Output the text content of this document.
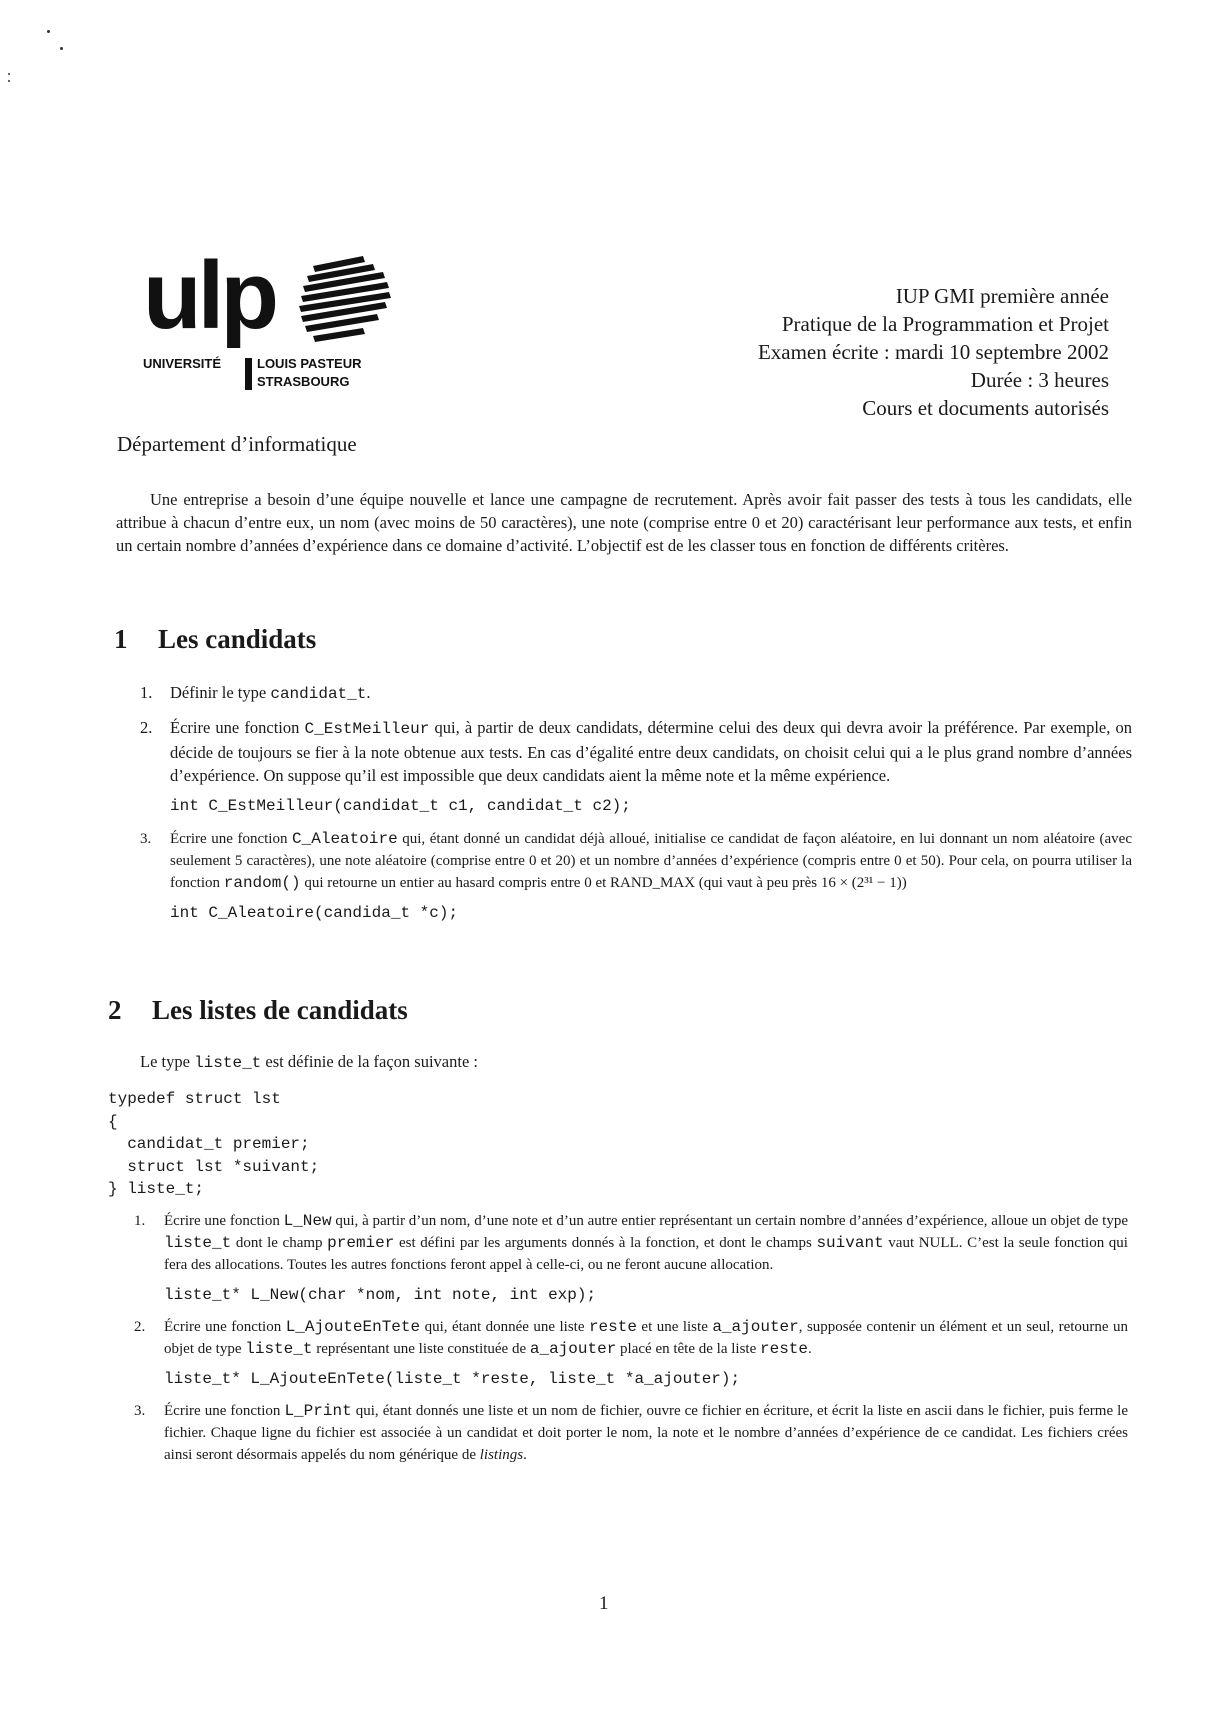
ulp
UNIVERSITÉ	LOUIS PASTEUR
STRASBOURG
Département d’informatique
IUP GMI première année
Pratique de la Programmation et Projet
Examen écrite : mardi 10 septembre 2002
Durée : 3 heures
Cours et documents autorisés

Une entreprise a besoin d’une équipe nouvelle et lance une campagne de recrutement. Après avoir fait passer des tests à tous les candidats, elle attribue à chacun d’entre eux, un nom (avec moins de 50 caractères), une note (comprise entre 0 et 20) caractérisant leur performance aux tests, et enfin un certain nombre d’années d’expérience dans ce domaine d’activité. L’objectif est de les classer tous en fonction de différents critères.

1 Les candidats
1. Définir le type candidat_t.
2. Écrire une fonction C_EstMeilleur qui, à partir de deux candidats, détermine celui des deux qui devra avoir la préférence. Par exemple, on décide de toujours se fier à la note obtenue aux tests. En cas d’égalité entre deux candidats, on choisit celui qui a le plus grand nombre d’années d’expérience. On suppose qu’il est impossible que deux candidats aient la même note et la même expérience.
int C_EstMeilleur(candidat_t c1, candidat_t c2);
3. Écrire une fonction C_Aleatoire qui, étant donné un candidat déjà alloué, initialise ce candidat de façon aléatoire, en lui donnant un nom aléatoire (avec seulement 5 caractères), une note aléatoire (comprise entre 0 et 20) et un nombre d’années d’expérience (compris entre 0 et 50). Pour cela, on pourra utiliser la fonction random() qui retourne un entier au hasard compris entre 0 et RAND_MAX (qui vaut à peu près 16 × (2³¹ − 1))
int C_Aleatoire(candida_t *c);
2 Les listes de candidats
Le type liste_t est définie de la façon suivante :
typedef struct lst
{
candidat_t premier;
struct lst *suivant;
} liste_t;
1. Écrire une fonction L_New qui, à partir d’un nom, d’une note et d’un autre entier représentant un certain nombre d’années d’expérience, alloue un objet de type liste_t dont le champ premier est défini par les arguments donnés à la fonction, et dont le champs suivant vaut NULL. C’est la seule fonction qui fera des allocations. Toutes les autres fonctions feront appel à celle-ci, ou ne feront aucune allocation.
liste_t* L_New(char *nom, int note, int exp);
2. Écrire une fonction L_AjouteEnTete qui, étant donnée une liste reste et une liste a_ajouter, supposée contenir un élément et un seul, retourne un objet de type liste_t représentant une liste constituée de a_ajouter placé en tête de la liste reste.
liste_t* L_AjouteEnTete(liste_t *reste, liste_t *a_ajouter);
3. Écrire une fonction L_Print qui, étant donnés une liste et un nom de fichier, ouvre ce fichier en écriture, et écrit la liste en ascii dans le fichier, puis ferme le fichier. Chaque ligne du fichier est associée à un candidat et doit porter le nom, la note et le nombre d’années d’expérience de ce candidat. Les fichiers crées ainsi seront désormais appelés du nom générique de listings.
1
